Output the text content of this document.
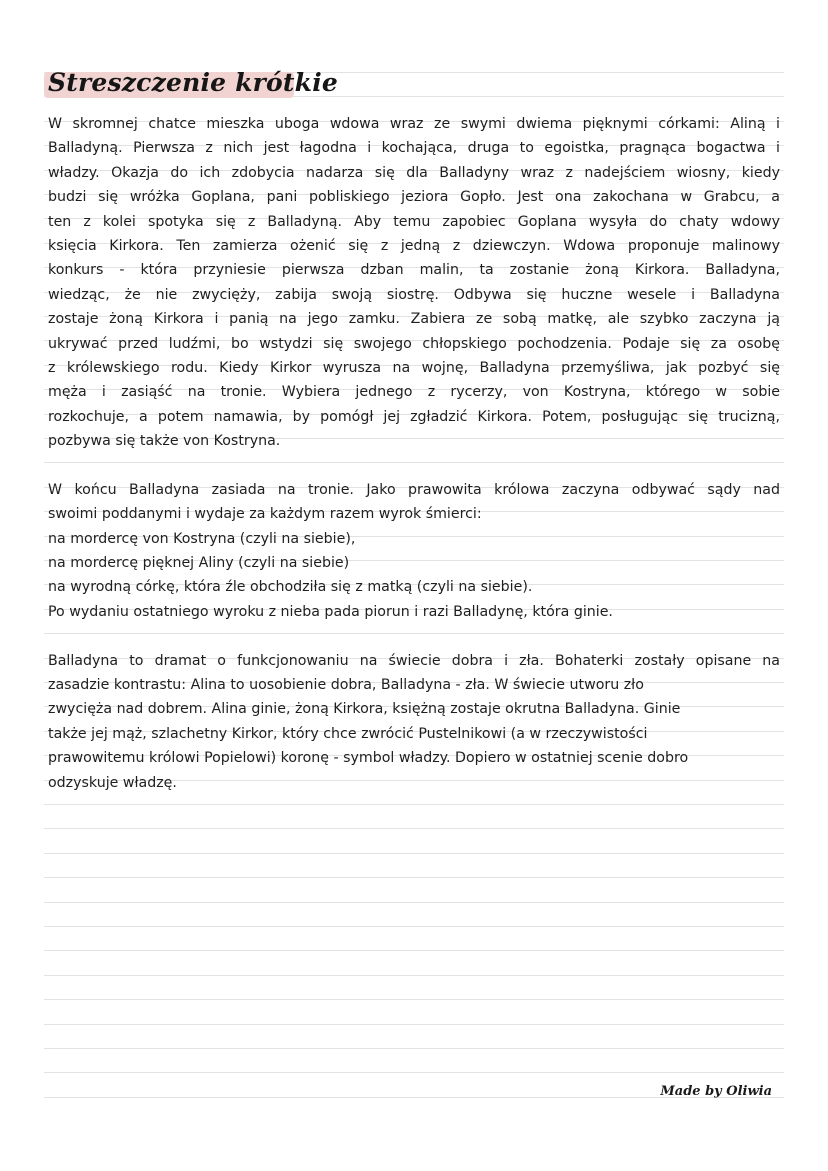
Streszczenie krótkie
W skromnej chatce mieszka uboga wdowa wraz ze swymi dwiema pięknymi córkami: Aliną i
Balladyną. Pierwsza z nich jest łagodna i kochająca, druga to egoistka, pragnąca bogactwa i
władzy. Okazja do ich zdobycia nadarza się dla Balladyny wraz z nadejściem wiosny, kiedy
budzi się wróżka Goplana, pani pobliskiego jeziora Gopło. Jest ona zakochana w Grabcu, a
ten z kolei spotyka się z Balladyną. Aby temu zapobiec Goplana wysyła do chaty wdowy
księcia Kirkora. Ten zamierza ożenić się z jedną z dziewczyn. Wdowa proponuje malinowy
konkurs - która przyniesie pierwsza dzban malin, ta zostanie żoną Kirkora. Balladyna,
wiedząc, że nie zwycięży, zabija swoją siostrę. Odbywa się huczne wesele i Balladyna
zostaje żoną Kirkora i panią na jego zamku. Zabiera ze sobą matkę, ale szybko zaczyna ją
ukrywać przed ludźmi, bo wstydzi się swojego chłopskiego pochodzenia. Podaje się za osobę
z królewskiego rodu. Kiedy Kirkor wyrusza na wojnę, Balladyna przemyśliwa, jak pozbyć się
męża i zasiąść na tronie. Wybiera jednego z rycerzy, von Kostryna, którego w sobie
rozkochuje, a potem namawia, by pomógł jej zgładzić Kirkora. Potem, posługując się trucizną,
pozbywa się także von Kostryna.
W końcu Balladyna zasiada na tronie. Jako prawowita królowa zaczyna odbywać sądy nad
swoimi poddanymi i wydaje za każdym razem wyrok śmierci:
na mordercę von Kostryna (czyli na siebie),
na mordercę pięknej Aliny (czyli na siebie)
na wyrodną córkę, która źle obchodziła się z matką (czyli na siebie).
Po wydaniu ostatniego wyroku z nieba pada piorun i razi Balladynę, która ginie.
Balladyna to dramat o funkcjonowaniu na świecie dobra i zła. Bohaterki zostały opisane na
zasadzie kontrastu: Alina to uosobienie dobra, Balladyna - zła. W świecie utworu zło
zwycięża nad dobrem. Alina ginie, żoną Kirkora, księżną zostaje okrutna Balladyna. Ginie
także jej mąż, szlachetny Kirkor, który chce zwrócić Pustelnikowi (a w rzeczywistości
prawowitemu królowi Popielowi) koronę - symbol władzy. Dopiero w ostatniej scenie dobro
odzyskuje władzę.
Made by Oliwia
